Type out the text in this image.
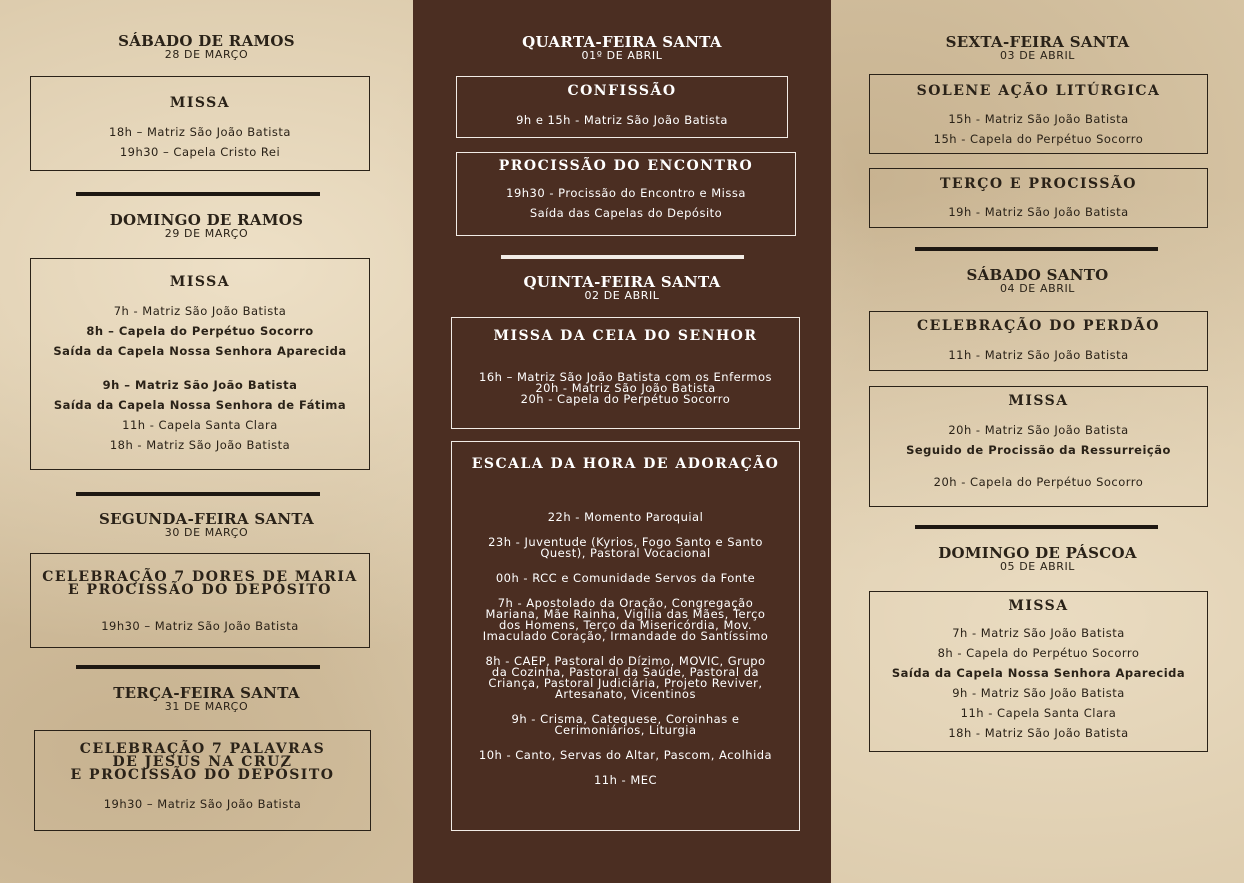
SÁBADO DE RAMOS
28 DE MARÇO
MISSA
18h – Matriz São João Batista
19h30 – Capela Cristo Rei
DOMINGO DE RAMOS
29 DE MARÇO
MISSA
7h - Matriz São João Batista
8h – Capela do Perpétuo Socorro
Saída da Capela Nossa Senhora Aparecida
9h – Matriz São João Batista
Saída da Capela Nossa Senhora de Fátima
11h - Capela Santa Clara
18h - Matriz São João Batista
SEGUNDA-FEIRA SANTA
30 DE MARÇO
CELEBRAÇÃO 7 DORES DE MARIA
E PROCISSÃO DO DEPÓSITO
19h30 – Matriz São João Batista
TERÇA-FEIRA SANTA
31 DE MARÇO
CELEBRAÇÃO 7 PALAVRAS
DE JESUS NA CRUZ
E PROCISSÃO DO DEPÓSITO
19h30 – Matriz São João Batista
QUARTA-FEIRA SANTA
01º DE ABRIL
CONFISSÃO
9h e 15h - Matriz São João Batista
PROCISSÃO DO ENCONTRO
19h30 - Procissão do Encontro e Missa
Saída das Capelas do Depósito
QUINTA-FEIRA SANTA
02 DE ABRIL
MISSA DA CEIA DO SENHOR
16h – Matriz São João Batista com os Enfermos
20h - Matriz São João Batista
20h - Capela do Perpétuo Socorro
ESCALA DA HORA DE ADORAÇÃO
22h - Momento Paroquial
23h - Juventude (Kyrios, Fogo Santo e Santo
Quest), Pastoral Vocacional
00h - RCC e Comunidade Servos da Fonte
7h - Apostolado da Oração, Congregação
Mariana, Mãe Rainha, Vigília das Mães, Terço
dos Homens, Terço da Misericórdia, Mov.
Imaculado Coração, Irmandade do Santíssimo
8h - CAEP, Pastoral do Dízimo, MOVIC, Grupo
da Cozinha, Pastoral da Saúde, Pastoral da
Criança, Pastoral Judiciária, Projeto Reviver,
Artesanato, Vicentinos
9h - Crisma, Catequese, Coroinhas e
Cerimoniários, Liturgia
10h - Canto, Servas do Altar, Pascom, Acolhida
11h - MEC
SEXTA-FEIRA SANTA
03 DE ABRIL
SOLENE AÇÃO LITÚRGICA
15h - Matriz São João Batista
15h - Capela do Perpétuo Socorro
TERÇO E PROCISSÃO
19h - Matriz São João Batista
SÁBADO SANTO
04 DE ABRIL
CELEBRAÇÃO DO PERDÃO
11h - Matriz São João Batista
MISSA
20h - Matriz São João Batista
Seguido de Procissão da Ressurreição
20h - Capela do Perpétuo Socorro
DOMINGO DE PÁSCOA
05 DE ABRIL
MISSA
7h - Matriz São João Batista
8h - Capela do Perpétuo Socorro
Saída da Capela Nossa Senhora Aparecida
9h - Matriz São João Batista
11h - Capela Santa Clara
18h - Matriz São João Batista
